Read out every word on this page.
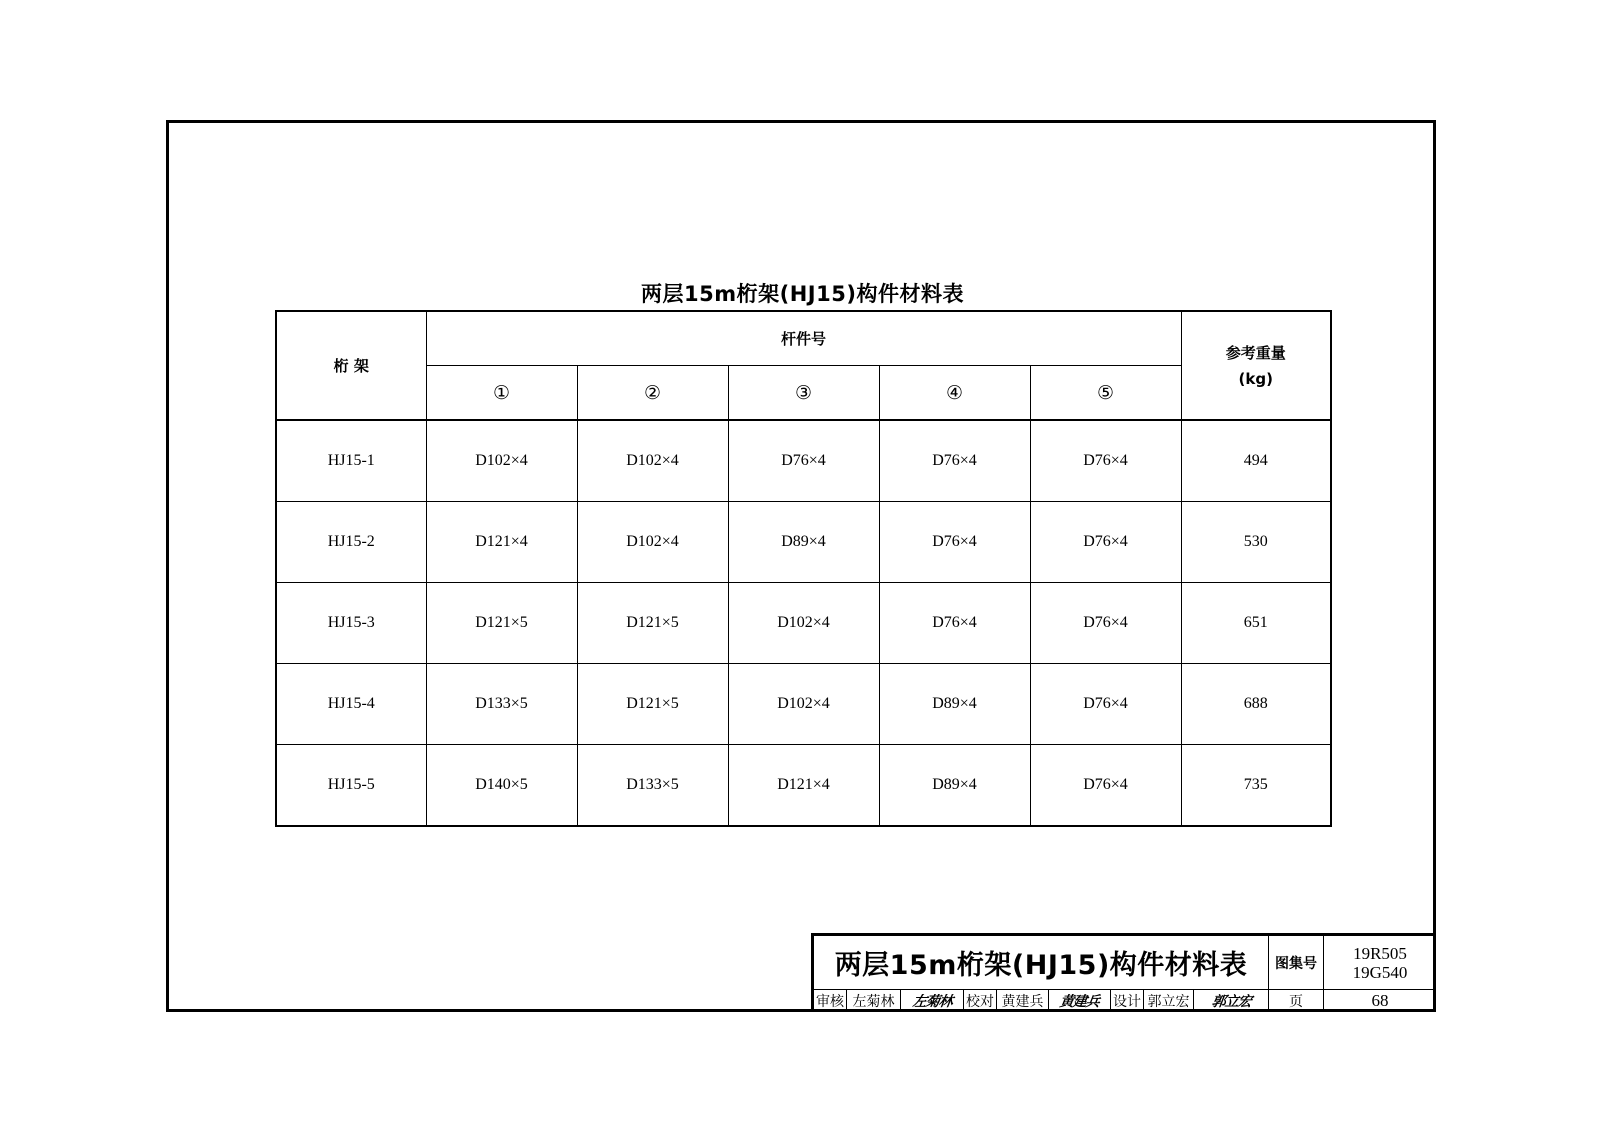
两层15m桁架(HJ15)构件材料表
桁 架	杆件号					参考重量
(kg)
	①	②	③	④	⑤	
HJ15-1	D102×4	D102×4	D76×4	D76×4	D76×4	494
HJ15-2	D121×4	D102×4	D89×4	D76×4	D76×4	530
HJ15-3	D121×5	D121×5	D102×4	D76×4	D76×4	651
HJ15-4	D133×5	D121×5	D102×4	D89×4	D76×4	688
HJ15-5	D140×5	D133×5	D121×4	D89×4	D76×4	735
两层15m桁架(HJ15)构件材料表	图集号
19R505
19G540
审核 左菊林	左菊林 校对 黄建兵	黄建兵 设计 郭立宏	郭立宏	页	68
